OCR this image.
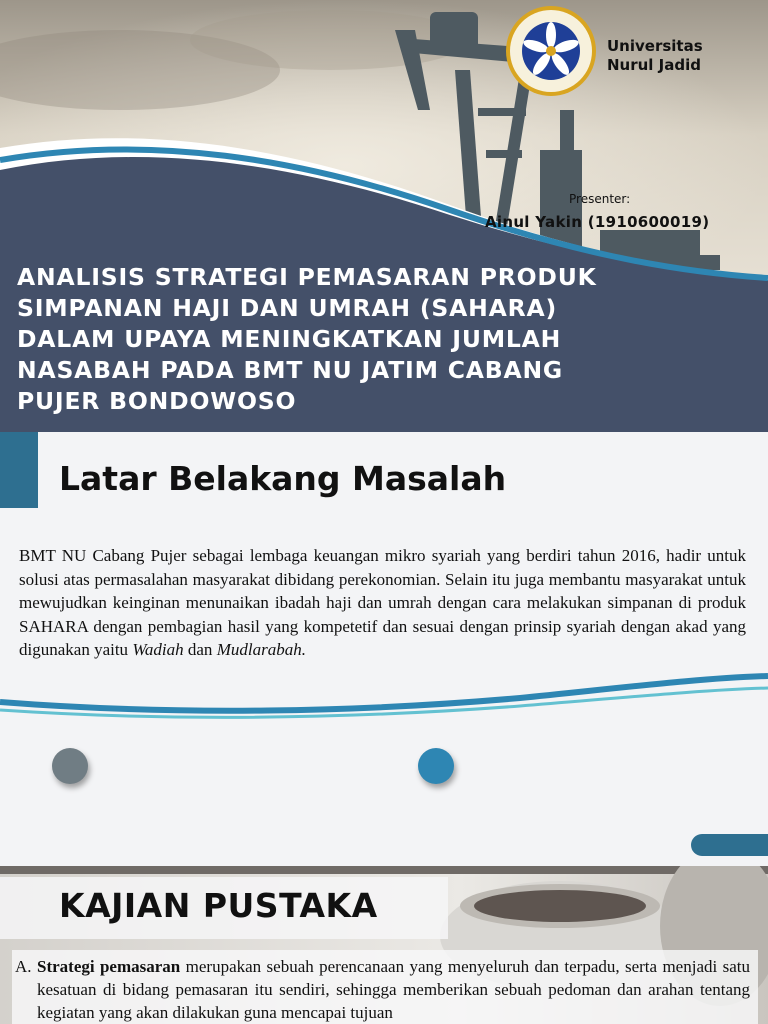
Universitas
Nurul Jadid
Presenter:
Ainul Yakin (1910600019)
ANALISIS STRATEGI PEMASARAN PRODUK SIMPANAN HAJI DAN UMRAH (SAHARA) DALAM UPAYA MENINGKATKAN JUMLAH NASABAH PADA BMT NU JATIM CABANG PUJER BONDOWOSO
Latar Belakang Masalah

BMT NU Cabang Pujer sebagai lembaga keuangan mikro syariah yang berdiri tahun 2016, hadir untuk solusi atas permasalahan masyarakat dibidang perekonomian. Selain itu juga membantu masyarakat untuk mewujudkan keinginan menunaikan ibadah haji dan umrah dengan cara melakukan simpanan di produk SAHARA dengan pembagian hasil yang kompetetif dan sesuai dengan prinsip syariah dengan akad yang digunakan yaitu Wadiah dan Mudlarabah.

KAJIAN PUSTAKA
A. Strategi pemasaran merupakan sebuah perencanaan yang menyeluruh dan terpadu, serta menjadi satu kesatuan di bidang pemasaran itu sendiri, sehingga memberikan sebuah pedoman dan arahan tentang kegiatan yang akan dilakukan guna mencapai tujuan
